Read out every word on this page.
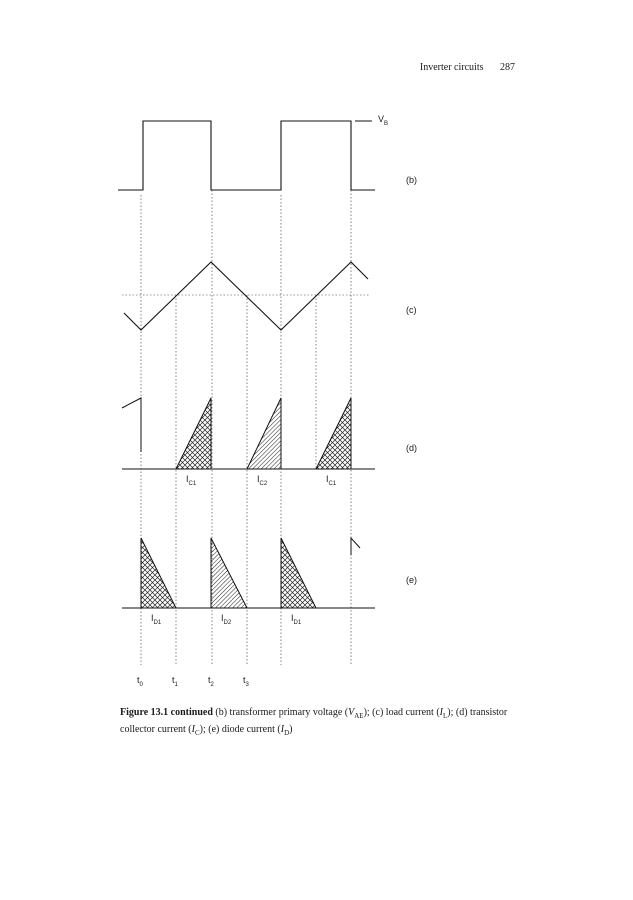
Inverter circuits 287
$V_B$
(b)
(c)
(d)
(e)
$I_{C1}$	$I_{C2}$	$I_{C1}$
$I_{D1}$	$I_{D2}$	$I_{D1}$
$t_0$	$t_1$	$t_2$	$t_3$
Figure 13.1 continued (b) transformer primary voltage $(V_{AE})$; (c) load current $(I_L)$; (d) transistor collector current $(I_C)$; (e) diode current $(I_D)$
